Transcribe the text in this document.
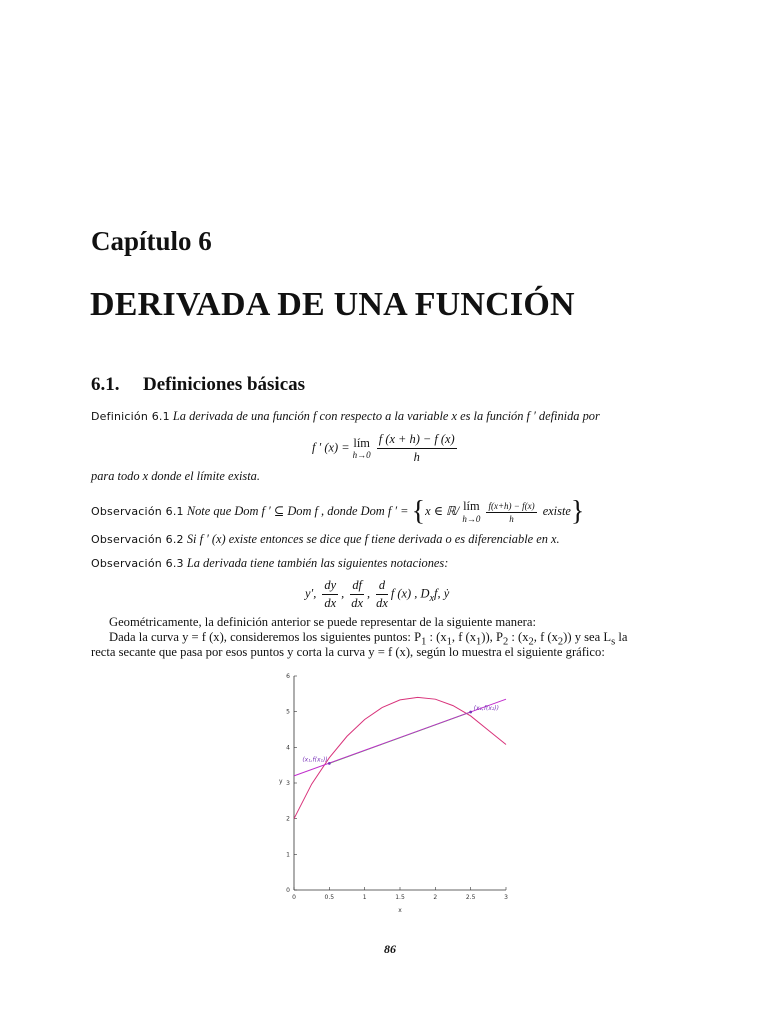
Capítulo 6
DERIVADA DE UNA FUNCIÓN
6.1. Definiciones básicas
Definición 6.1 La derivada de una función f con respecto a la variable x es la función f ′ definida por
f ′ (x) = lím
h→0
$\frac{f (x + h) - f (x)}{h}$
para todo x donde el límite exista.
Observación 6.1 Note que Dom f ′ ⊆ Dom f , donde Dom f ′ = {x ∈ ℝ/ lím
h→0
$\frac{f(x+h) - f(x)}{h}$ existe}
Observación 6.2 Si f ′ (x) existe entonces se dice que f tiene derivada o es diferenciable en x.
Observación 6.3 La derivada tiene también las siguientes notaciones:
y′, $\frac{dy}{dx}$ , $\frac{df}{dx}$ , $\frac{d}{dx}$ f (x) , $D_xf$, ẏ
Geométricamente, la definición anterior se puede representar de la siguiente manera:
Dada la curva y = f (x), consideremos los siguientes puntos: $P_1$ : ($x_1$, f $(x_1)$), $P_2$ : ($x_2$, f $(x_2)$) y sea $L_s$ la
recta secante que pasa por esos puntos y corta la curva y = f (x), según lo muestra el siguiente gráfico:
0	0.5	1	1.5	2	2.5	3
0
1
2
3
4
5
6
x
y
(x₁,f(x₁))
(x₂,f(x₂))
86
